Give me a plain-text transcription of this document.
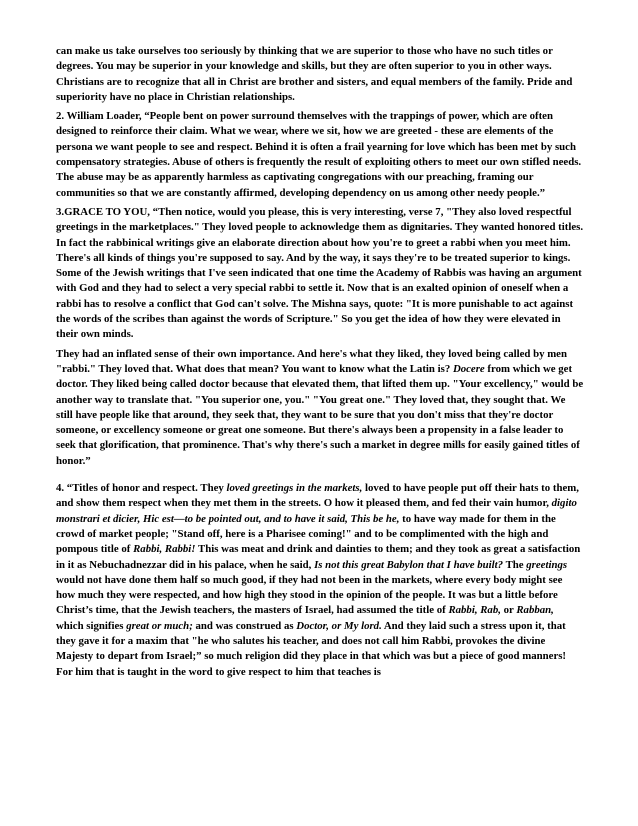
can make us take ourselves too seriously by thinking that we are superior to those who have no such titles or degrees. You may be superior in your knowledge and skills, but they are often superior to you in other ways. Christians are to recognize that all in Christ are brother and sisters, and equal members of the family. Pride and superiority have no place in Christian relationships.

2. William Loader, “People bent on power surround themselves with the trappings of power, which are often designed to reinforce their claim. What we wear, where we sit, how we are greeted - these are elements of the persona we want people to see and respect. Behind it is often a frail yearning for love which has been met by such compensatory strategies. Abuse of others is frequently the result of exploiting others to meet our own stifled needs. The abuse may be as apparently harmless as captivating congregations with our preaching, framing our communities so that we are constantly affirmed, developing dependency on us among other needy people.”

3.GRACE TO YOU, “Then notice, would you please, this is very interesting, verse 7, "They also loved respectful greetings in the marketplaces." They loved people to acknowledge them as dignitaries. They wanted honored titles. In fact the rabbinical writings give an elaborate direction about how you're to greet a rabbi when you meet him. There's all kinds of things you're supposed to say. And by the way, it says they're to be treated superior to kings. Some of the Jewish writings that I've seen indicated that one time the Academy of Rabbis was having an argument with God and they had to select a very special rabbi to settle it. Now that is an exalted opinion of oneself when a rabbi has to resolve a conflict that God can't solve. The Mishna says, quote: "It is more punishable to act against the words of the scribes than against the words of Scripture." So you get the idea of how they were elevated in their own minds.

They had an inflated sense of their own importance. And here's what they liked, they loved being called by men "rabbi." They loved that. What does that mean? You want to know what the Latin is? Docere from which we get doctor. They liked being called doctor because that elevated them, that lifted them up. "Your excellency," would be another way to translate that. "You superior one, you." "You great one." They loved that, they sought that. We still have people like that around, they seek that, they want to be sure that you don't miss that they're doctor someone, or excellency someone or great one someone. But there's always been a propensity in a false leader to seek that glorification, that prominence. That's why there's such a market in degree mills for easily gained titles of honor.”

4. “Titles of honor and respect. They loved greetings in the markets, loved to have people put off their hats to them, and show them respect when they met them in the streets. O how it pleased them, and fed their vain humor, digito monstrari et dicier, Hic est—to be pointed out, and to have it said, This be he, to have way made for them in the crowd of market people; "Stand off, here is a Pharisee coming!" and to be complimented with the high and pompous title of Rabbi, Rabbi! This was meat and drink and dainties to them; and they took as great a satisfaction in it as Nebuchadnezzar did in his palace, when he said, Is not this great Babylon that I have built? The greetings would not have done them half so much good, if they had not been in the markets, where every body might see how much they were respected, and how high they stood in the opinion of the people. It was but a little before Christ’s time, that the Jewish teachers, the masters of Israel, had assumed the title of Rabbi, Rab, or Rabban, which signifies great or much; and was construed as Doctor, or My lord. And they laid such a stress upon it, that they gave it for a maxim that "he who salutes his teacher, and does not call him Rabbi, provokes the divine Majesty to depart from Israel;” so much religion did they place in that which was but a piece of good manners! For him that is taught in the word to give respect to him that teaches is
